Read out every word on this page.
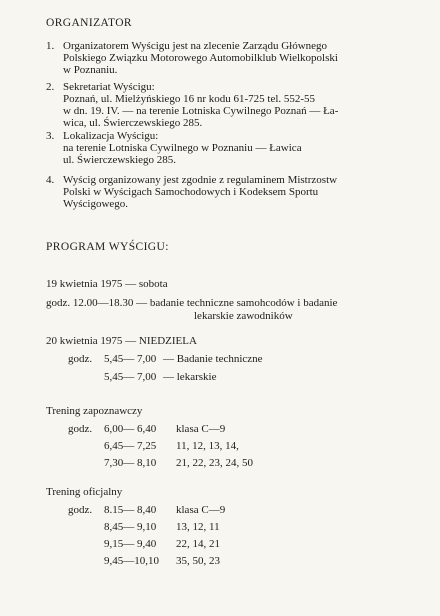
ORGANIZATOR
1. Organizatorem Wyścigu jest na zlecenie Zarządu Głównego
Polskiego Związku Motorowego Automobilklub Wielkopolski
w Poznaniu.
2. Sekretariat Wyścigu:
Poznań, ul. Mielżyńskiego 16 nr kodu 61-725 tel. 552-55
w dn. 19. IV. — na terenie Lotniska Cywilnego Poznań — Ła-
wica, ul. Świerczewskiego 285.
3. Lokalizacja Wyścigu:
na terenie Lotniska Cywilnego w Poznaniu — Ławica
ul. Świerczewskiego 285.
4. Wyścig organizowany jest zgodnie z regulaminem Mistrzostw
Polski w Wyścigach Samochodowych i Kodeksem Sportu
Wyścigowego.
PROGRAM WYŚCIGU:
19 kwietnia 1975 — sobota
godz. 12.00—18.30 — badanie techniczne samohcodów i badanie
lekarskie zawodników
20 kwietnia 1975 — NIEDZIELA
godz. 5,45— 7,00 — Badanie techniczne
5,45— 7,00 — lekarskie
Trening zapoznawczy
godz. 6,00— 6,40 klasa C—9
6,45— 7,25 11, 12, 13, 14,
7,30— 8,10 21, 22, 23, 24, 50
Trening oficjalny
godz. 8.15— 8,40 klasa C—9
8,45— 9,10 13, 12, 11
9,15— 9,40 22, 14, 21
9,45—10,10 35, 50, 23
